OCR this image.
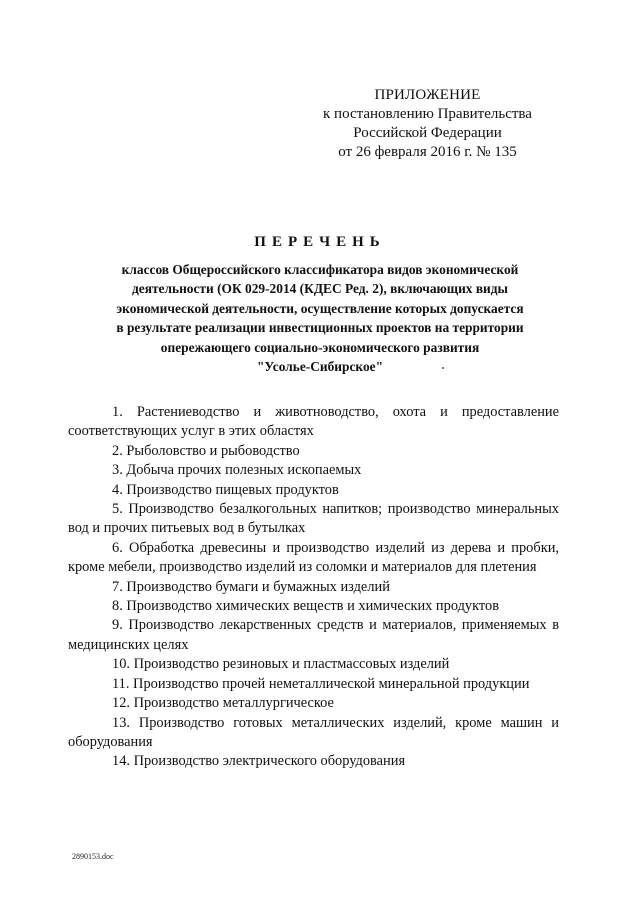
ПРИЛОЖЕНИЕ
к постановлению Правительства
Российской Федерации
от 26 февраля 2016 г. № 135
ПЕРЕЧЕНЬ
классов Общероссийского классификатора видов экономической
деятельности (ОК 029-2014 (КДЕС Ред. 2), включающих виды
экономической деятельности, осуществление которых допускается
в результате реализации инвестиционных проектов на территории
опережающего социально-экономического развития
"Усолье-Сибирское"

1. Растениеводство и животноводство, охота и предоставление соответствующих услуг в этих областях

2. Рыболовство и рыбоводство

3. Добыча прочих полезных ископаемых

4. Производство пищевых продуктов

5. Производство безалкогольных напитков; производство минеральных вод и прочих питьевых вод в бутылках

6. Обработка древесины и производство изделий из дерева и пробки, кроме мебели, производство изделий из соломки и материалов для плетения

7. Производство бумаги и бумажных изделий

8. Производство химических веществ и химических продуктов

9. Производство лекарственных средств и материалов, применяемых в медицинских целях

10. Производство резиновых и пластмассовых изделий

11. Производство прочей неметаллической минеральной продукции

12. Производство металлургическое

13. Производство готовых металлических изделий, кроме машин и оборудования

14. Производство электрического оборудования

2890153.doc
